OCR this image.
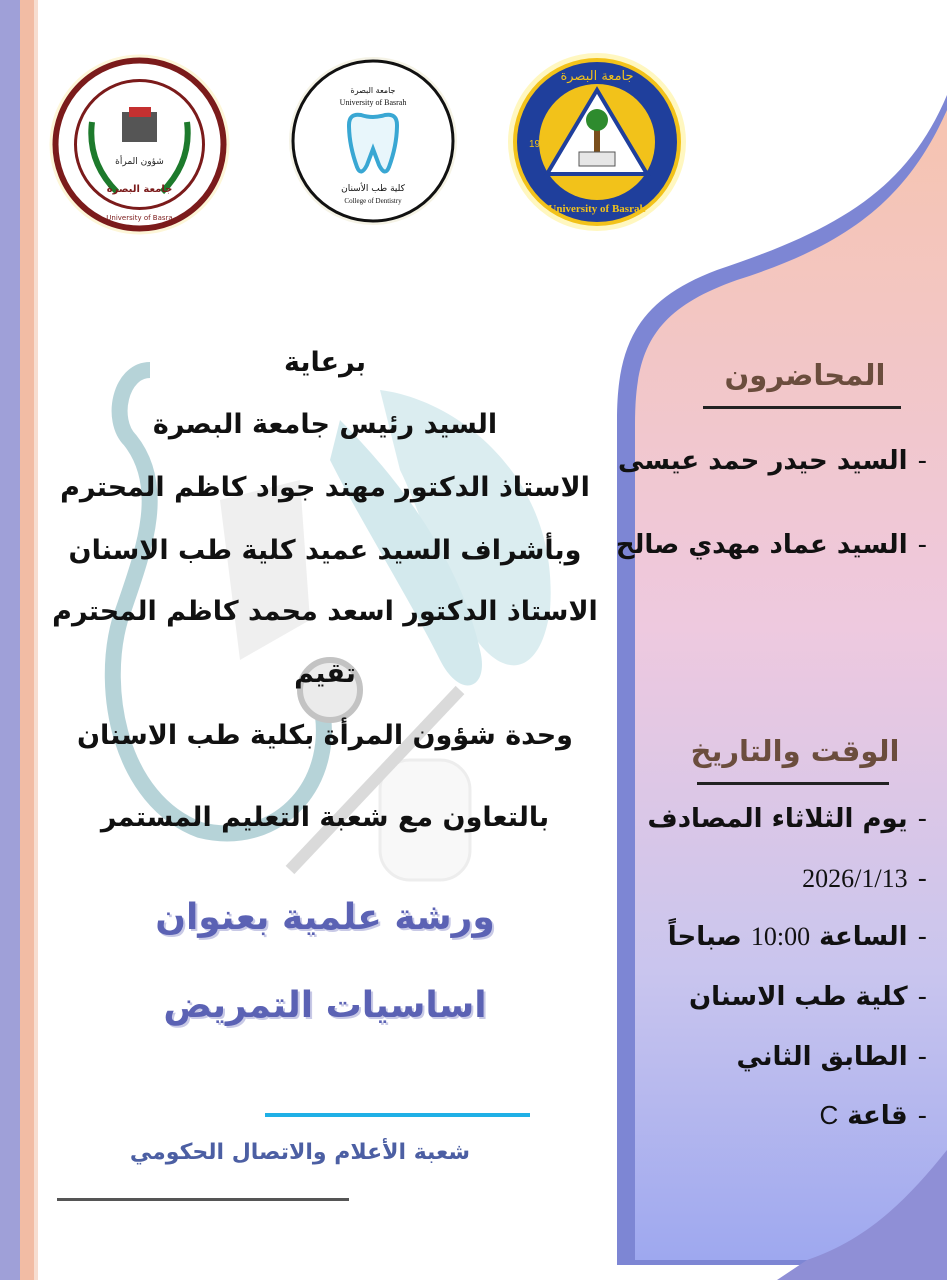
شؤون المرأة
جامعة البصرة
University of Basra
جامعة البصرة
University of Basrah
كلية طب الأسنان
College of Dentistry
جامعة البصرة
University of Basrah
1964
برعاية
السيد رئيس جامعة البصرة
الاستاذ الدكتور مهند جواد كاظم المحترم
وبأشراف السيد عميد كلية طب الاسنان
الاستاذ الدكتور اسعد محمد كاظم المحترم
تقيم
وحدة شؤون المرأة بكلية طب الاسنان
بالتعاون مع شعبة التعليم المستمر
ورشة علمية بعنوان
اساسيات التمريض
شعبة الأعلام والاتصال الحكومي
المحاضرون
-السيد حيدر حمد عيسى
-السيد عماد مهدي صالح
الوقت والتاريخ
-يوم الثلاثاء المصادف
-2026/1/13
-الساعة 10:00 صباحاً
-كلية طب الاسنان
-الطابق الثاني
-قاعة C
